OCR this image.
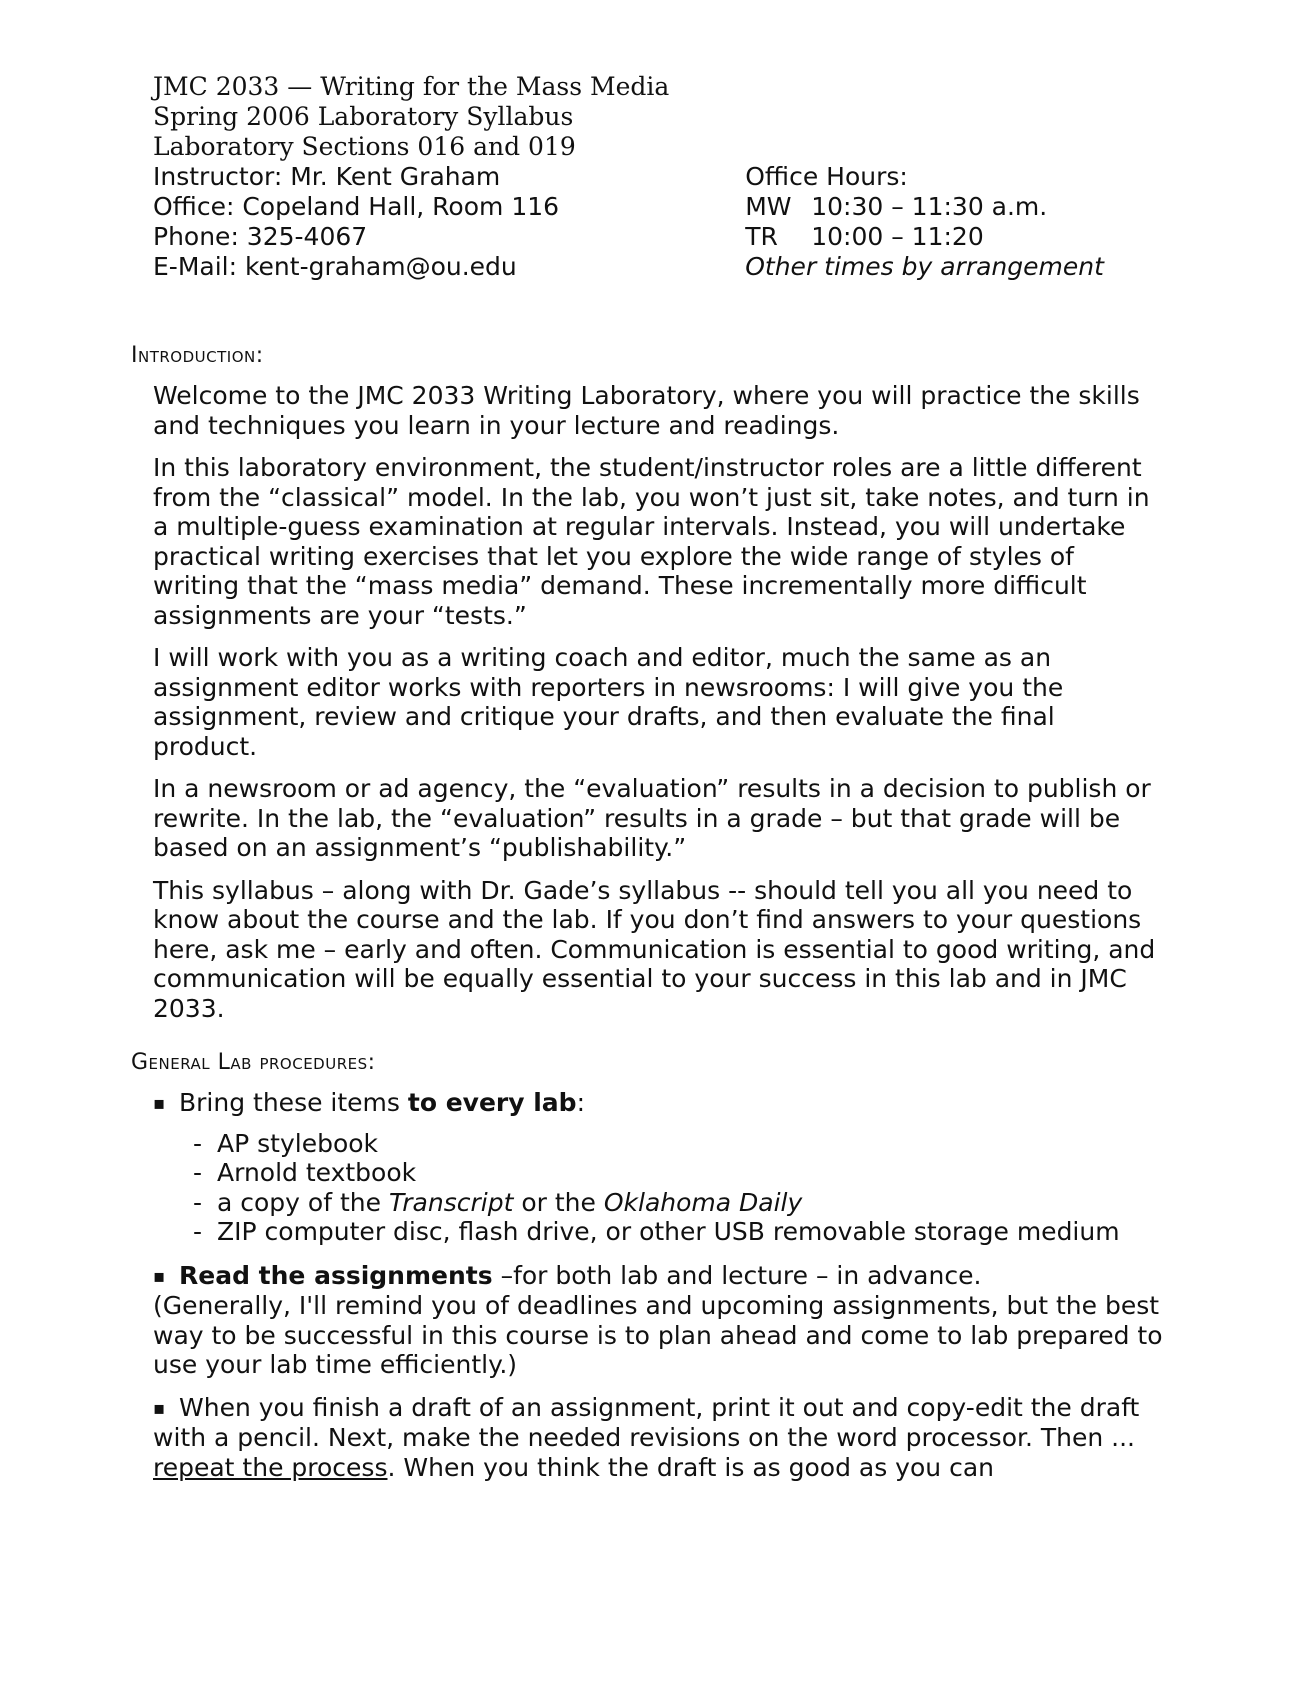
JMC 2033 — Writing for the Mass Media
Spring 2006 Laboratory Syllabus
Laboratory Sections 016 and 019
Instructor: Mr. Kent Graham	Office Hours:
Office: Copeland Hall, Room 116	MW 10:30 – 11:30 a.m.
Phone: 325-4067	TR 10:00 – 11:20
E-Mail: kent-graham@ou.edu	Other times by arrangement
Introduction:

Welcome to the JMC 2033 Writing Laboratory, where you will practice the skills and techniques you learn in your lecture and readings.

In this laboratory environment, the student/instructor roles are a little different from the “classical” model. In the lab, you won’t just sit, take notes, and turn in a multiple-guess examination at regular intervals. Instead, you will undertake practical writing exercises that let you explore the wide range of styles of writing that the “mass media” demand. These incrementally more difficult assignments are your “tests.”

I will work with you as a writing coach and editor, much the same as an assignment editor works with reporters in newsrooms: I will give you the assignment, review and critique your drafts, and then evaluate the final product.

In a newsroom or ad agency, the “evaluation” results in a decision to publish or rewrite. In the lab, the “evaluation” results in a grade – but that grade will be based on an assignment’s “publishability.”

This syllabus – along with Dr. Gade’s syllabus -- should tell you all you need to know about the course and the lab. If you don’t find answers to your questions here, ask me – early and often. Communication is essential to good writing, and communication will be equally essential to your success in this lab and in JMC 2033.

General Lab procedures:
▪ Bring these items to every lab:
- AP stylebook
- Arnold textbook
- a copy of the Transcript or the Oklahoma Daily
- ZIP computer disc, flash drive, or other USB removable storage medium
▪ Read the assignments –for both lab and lecture – in advance.

(Generally, I'll remind you of deadlines and upcoming assignments, but the best way to be successful in this course is to plan ahead and come to lab prepared to use your lab time efficiently.)

▪ When you finish a draft of an assignment, print it out and copy-edit the draft with a pencil. Next, make the needed revisions on the word processor. Then ... repeat the process. When you think the draft is as good as you can
